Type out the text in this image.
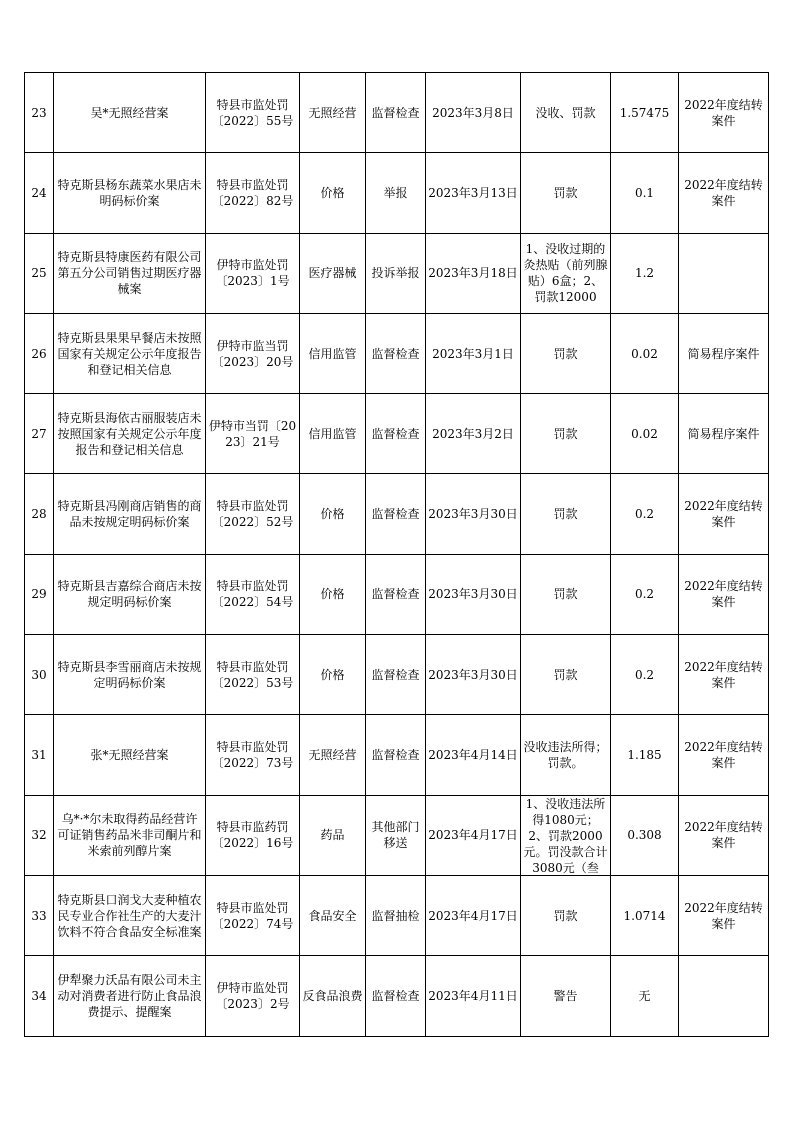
23	吴*无照经营案	特县市监处罚〔2022〕55号	无照经营	监督检查	2023年3月8日	没收、罚款	1.57475	2022年度结转案件

24	特克斯县杨东蔬菜水果店未明码标价案	特县市监处罚〔2022〕82号	价格	举报	2023年3月13日	罚款	0.1	2022年度结转案件

25	特克斯县特康医药有限公司第五分公司销售过期医疗器械案	伊特市监处罚〔2023〕1号	医疗器械	投诉举报	2023年3月18日	1、没收过期的灸热贴（前列腺贴）6盒；2、罚款12000	1.2	

26	特克斯县果果早餐店未按照国家有关规定公示年度报告和登记相关信息	伊特市监当罚〔2023〕20号	信用监管	监督检查	2023年3月1日	罚款	0.02	简易程序案件

27	特克斯县海依古丽服装店未按照国家有关规定公示年度报告和登记相关信息	伊特市当罚〔2023〕21号	信用监管	监督检查	2023年3月2日	罚款	0.02	简易程序案件

28	特克斯县冯刚商店销售的商品未按规定明码标价案	特县市监处罚〔2022〕52号	价格	监督检查	2023年3月30日	罚款	0.2	2022年度结转案件

29	特克斯县吉嘉综合商店未按规定明码标价案	特县市监处罚〔2022〕54号	价格	监督检查	2023年3月30日	罚款	0.2	2022年度结转案件

30	特克斯县李雪丽商店未按规定明码标价案	特县市监处罚〔2022〕53号	价格	监督检查	2023年3月30日	罚款	0.2	2022年度结转案件

31	张*无照经营案	特县市监处罚〔2022〕73号	无照经营	监督检查	2023年4月14日	没收违法所得；罚款。	1.185	2022年度结转案件

32	乌*·*尔未取得药品经营许可证销售药品米非司酮片和米索前列醇片案	特县市监药罚〔2022〕16号	药品	其他部门移送	2023年4月17日	1、没收违法所得1080元；2、罚款2000元。罚没款合计3080元（叁	0.308	2022年度结转案件

33	特克斯县口润戈大麦种植农民专业合作社生产的大麦汁饮料不符合食品安全标准案	特县市监处罚〔2022〕74号	食品安全	监督抽检	2023年4月17日	罚款	1.0714	2022年度结转案件

34	伊犁聚力沃品有限公司未主动对消费者进行防止食品浪费提示、提醒案	伊特市监处罚〔2023〕2号	反食品浪费	监督检查	2023年4月11日	警告	无	
